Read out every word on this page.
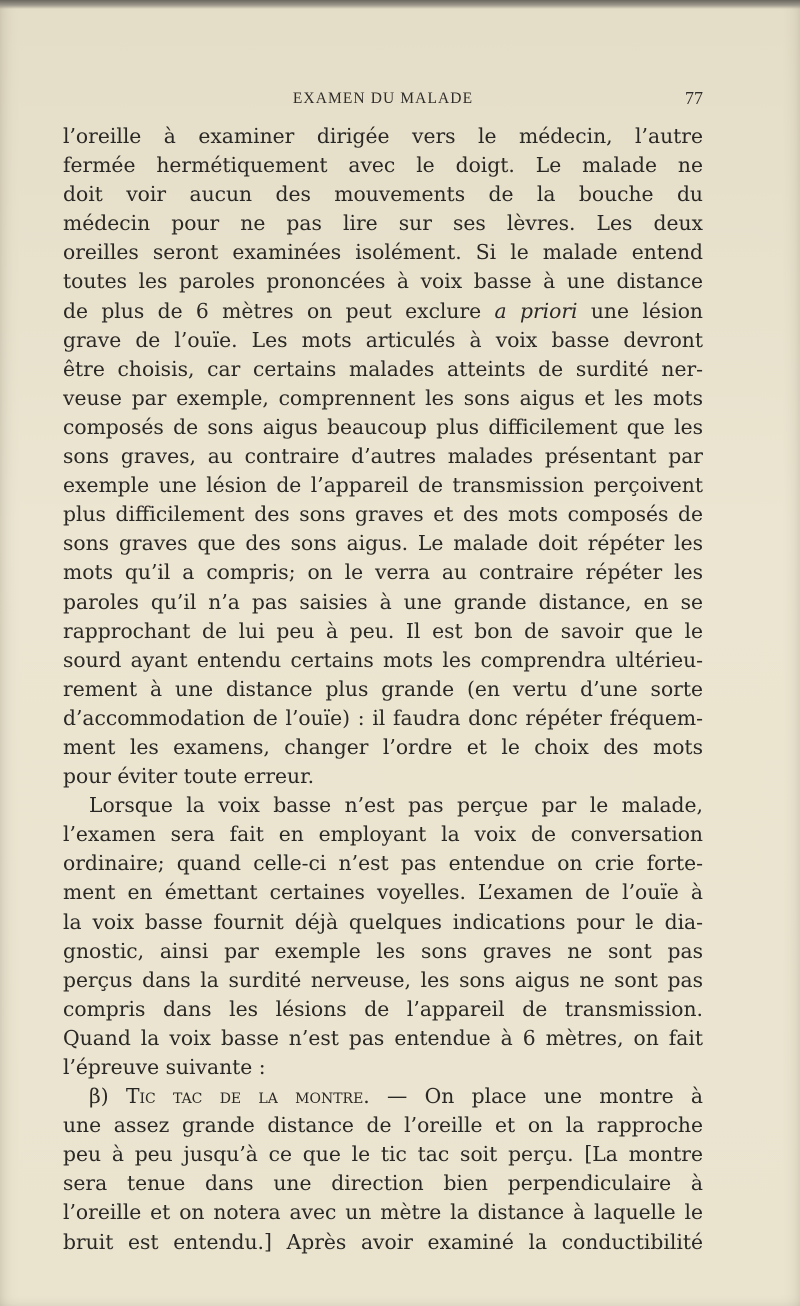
EXAMEN DU MALADE	77
l’oreille à examiner dirigée vers le médecin, l’autre
fermée hermétiquement avec le doigt. Le malade ne
doit voir aucun des mouvements de la bouche du
médecin pour ne pas lire sur ses lèvres. Les deux
oreilles seront examinées isolément. Si le malade entend
toutes les paroles prononcées à voix basse à une distance
de plus de 6 mètres on peut exclure a priori une lésion
grave de l’ouïe. Les mots articulés à voix basse devront
être choisis, car certains malades atteints de surdité ner-
veuse par exemple, comprennent les sons aigus et les mots
composés de sons aigus beaucoup plus difficilement que les
sons graves, au contraire d’autres malades présentant par
exemple une lésion de l’appareil de transmission perçoivent
plus difficilement des sons graves et des mots composés de
sons graves que des sons aigus. Le malade doit répéter les
mots qu’il a compris; on le verra au contraire répéter les
paroles qu’il n’a pas saisies à une grande distance, en se
rapprochant de lui peu à peu. Il est bon de savoir que le
sourd ayant entendu certains mots les comprendra ultérieu-
rement à une distance plus grande (en vertu d’une sorte
d’accommodation de l’ouïe) : il faudra donc répéter fréquem-
ment les examens, changer l’ordre et le choix des mots
pour éviter toute erreur.
Lorsque la voix basse n’est pas perçue par le malade,
l’examen sera fait en employant la voix de conversation
ordinaire; quand celle-ci n’est pas entendue on crie forte-
ment en émettant certaines voyelles. L’examen de l’ouïe à
la voix basse fournit déjà quelques indications pour le dia-
gnostic, ainsi par exemple les sons graves ne sont pas
perçus dans la surdité nerveuse, les sons aigus ne sont pas
compris dans les lésions de l’appareil de transmission.
Quand la voix basse n’est pas entendue à 6 mètres, on fait
l’épreuve suivante :
β) Tic tac de la montre. — On place une montre à
une assez grande distance de l’oreille et on la rapproche
peu à peu jusqu’à ce que le tic tac soit perçu. [La montre
sera tenue dans une direction bien perpendiculaire à
l’oreille et on notera avec un mètre la distance à laquelle le
bruit est entendu.] Après avoir examiné la conductibilité
